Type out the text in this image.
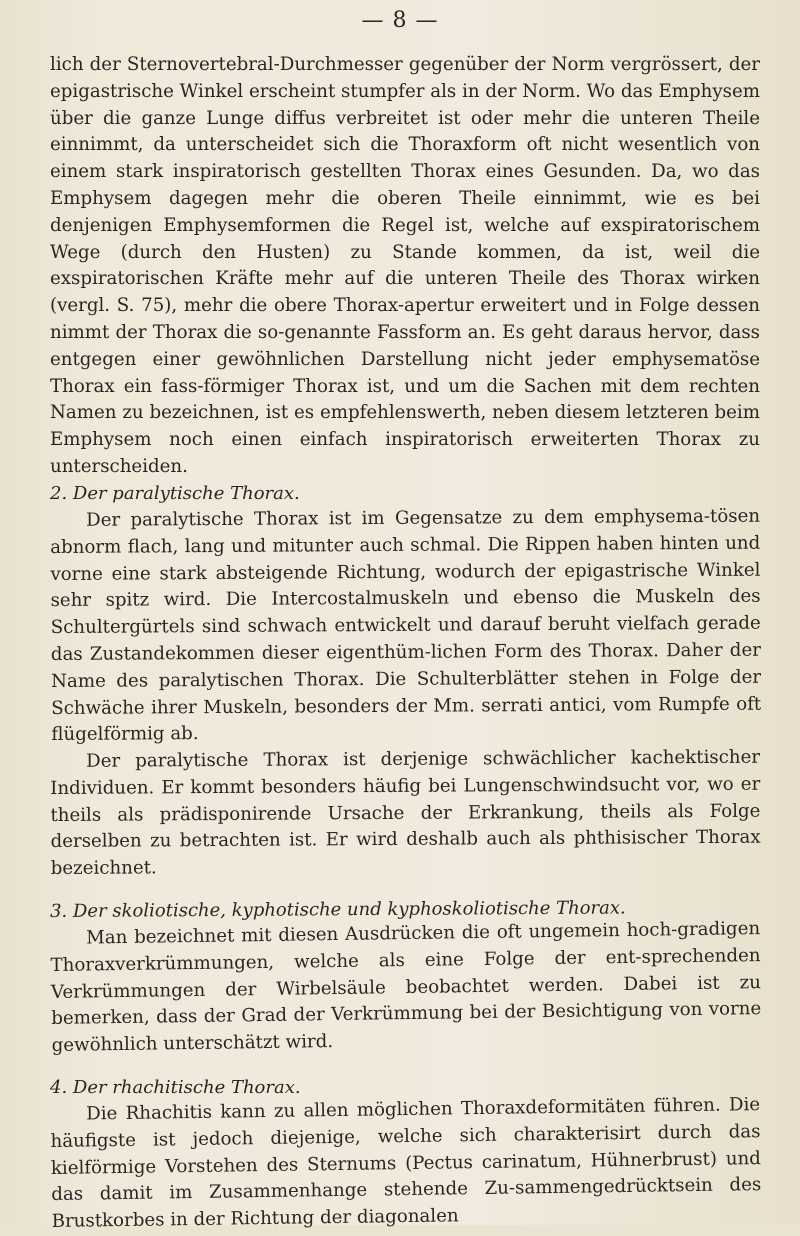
— 8 —

lich der Sternovertebral-Durchmesser gegenüber der Norm vergrössert, der epigastrische Winkel erscheint stumpfer als in der Norm. Wo das Emphysem über die ganze Lunge diffus verbreitet ist oder mehr die unteren Theile einnimmt, da unterscheidet sich die Thoraxform oft nicht wesentlich von einem stark inspiratorisch gestellten Thorax eines Gesunden. Da, wo das Emphysem dagegen mehr die oberen Theile einnimmt, wie es bei denjenigen Emphysemformen die Regel ist, welche auf exspiratorischem Wege (durch den Husten) zu Stande kommen, da ist, weil die exspiratorischen Kräfte mehr auf die unteren Theile des Thorax wirken (vergl. S. 75), mehr die obere Thorax-apertur erweitert und in Folge dessen nimmt der Thorax die so-genannte Fassform an. Es geht daraus hervor, dass entgegen einer gewöhnlichen Darstellung nicht jeder emphysematöse Thorax ein fass-förmiger Thorax ist, und um die Sachen mit dem rechten Namen zu bezeichnen, ist es empfehlenswerth, neben diesem letzteren beim Emphysem noch einen einfach inspiratorisch erweiterten Thorax zu unterscheiden.

2. Der paralytische Thorax.

Der paralytische Thorax ist im Gegensatze zu dem emphysema-tösen abnorm flach, lang und mitunter auch schmal. Die Rippen haben hinten und vorne eine stark absteigende Richtung, wodurch der epigastrische Winkel sehr spitz wird. Die Intercostalmuskeln und ebenso die Muskeln des Schultergürtels sind schwach entwickelt und darauf beruht vielfach gerade das Zustandekommen dieser eigenthüm-lichen Form des Thorax. Daher der Name des paralytischen Thorax. Die Schulterblätter stehen in Folge der Schwäche ihrer Muskeln, besonders der Mm. serrati antici, vom Rumpfe oft flügelförmig ab.

Der paralytische Thorax ist derjenige schwächlicher kachektischer Individuen. Er kommt besonders häufig bei Lungenschwindsucht vor, wo er theils als prädisponirende Ursache der Erkrankung, theils als Folge derselben zu betrachten ist. Er wird deshalb auch als phthisischer Thorax bezeichnet.

3. Der skoliotische, kyphotische und kyphoskoliotische Thorax.

Man bezeichnet mit diesen Ausdrücken die oft ungemein hoch-gradigen Thoraxverkrümmungen, welche als eine Folge der ent-sprechenden Verkrümmungen der Wirbelsäule beobachtet werden. Dabei ist zu bemerken, dass der Grad der Verkrümmung bei der Besichtigung von vorne gewöhnlich unterschätzt wird.

4. Der rhachitische Thorax.

Die Rhachitis kann zu allen möglichen Thoraxdeformitäten führen. Die häufigste ist jedoch diejenige, welche sich charakterisirt durch das kielförmige Vorstehen des Sternums (Pectus carinatum, Hühnerbrust) und das damit im Zusammenhange stehende Zu-sammengedrücktsein des Brustkorbes in der Richtung der diagonalen
